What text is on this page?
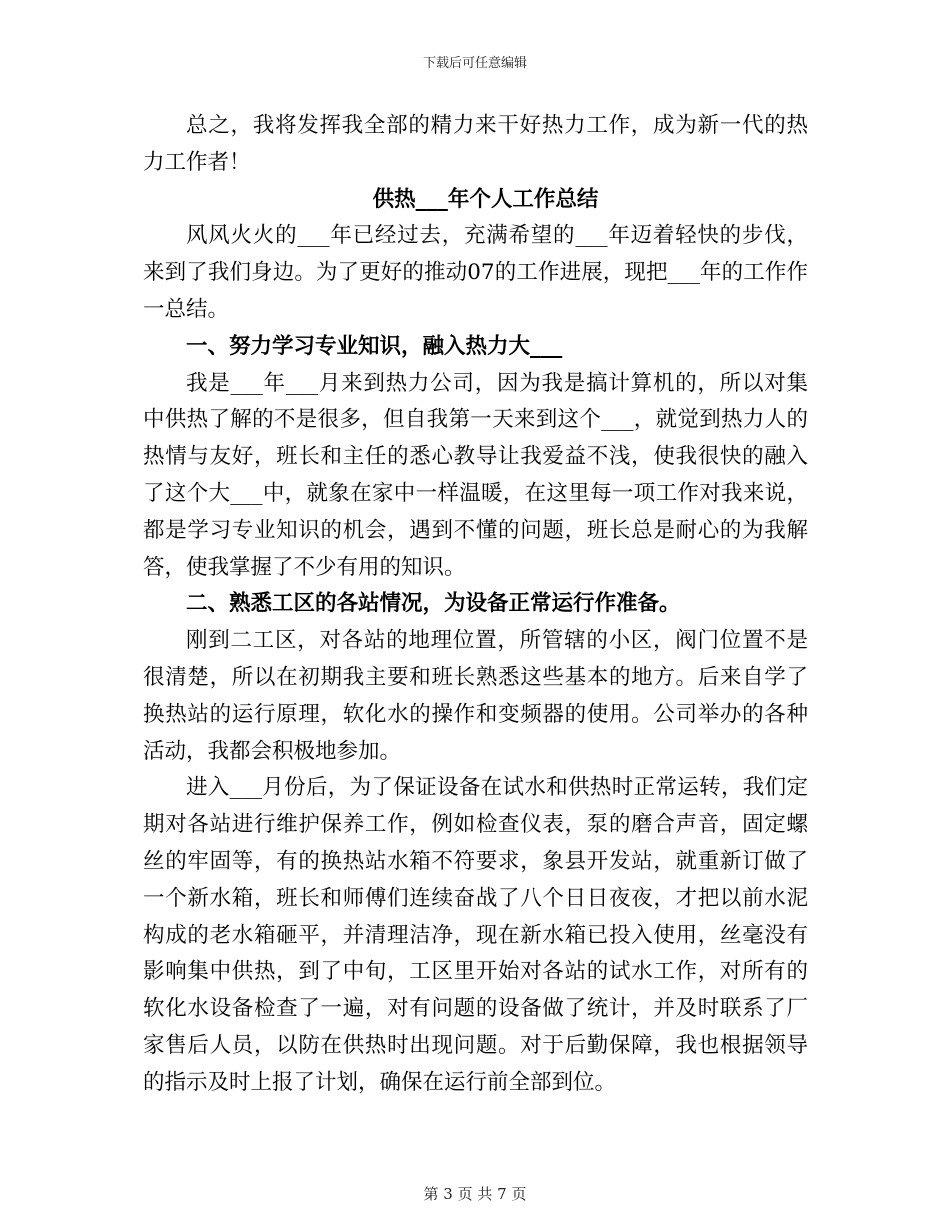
下载后可任意编辑

总之，我将发挥我全部的精力来干好热力工作，成为新一代的热力工作者！

供热___年个人工作总结

风风火火的___年已经过去，充满希望的___年迈着轻快的步伐，来到了我们身边。为了更好的推动07的工作进展，现把___年的工作作一总结。

一、努力学习专业知识，融入热力大___

我是___年___月来到热力公司，因为我是搞计算机的，所以对集中供热了解的不是很多，但自我第一天来到这个___，就觉到热力人的热情与友好，班长和主任的悉心教导让我爱益不浅，使我很快的融入了这个大___中，就象在家中一样温暖，在这里每一项工作对我来说，都是学习专业知识的机会，遇到不懂的问题，班长总是耐心的为我解答，使我掌握了不少有用的知识。

二、熟悉工区的各站情况，为设备正常运行作准备。

刚到二工区，对各站的地理位置，所管辖的小区，阀门位置不是很清楚，所以在初期我主要和班长熟悉这些基本的地方。后来自学了换热站的运行原理，软化水的操作和变频器的使用。公司举办的各种活动，我都会积极地参加。

进入___月份后，为了保证设备在试水和供热时正常运转，我们定期对各站进行维护保养工作，例如检查仪表，泵的磨合声音，固定螺丝的牢固等，有的换热站水箱不符要求，象县开发站，就重新订做了一个新水箱，班长和师傅们连续奋战了八个日日夜夜，才把以前水泥构成的老水箱砸平，并清理洁净，现在新水箱已投入使用，丝毫没有影响集中供热，到了中旬，工区里开始对各站的试水工作，对所有的软化水设备检查了一遍，对有问题的设备做了统计，并及时联系了厂家售后人员，以防在供热时出现问题。对于后勤保障，我也根据领导的指示及时上报了计划，确保在运行前全部到位。

第 3 页 共 7 页
